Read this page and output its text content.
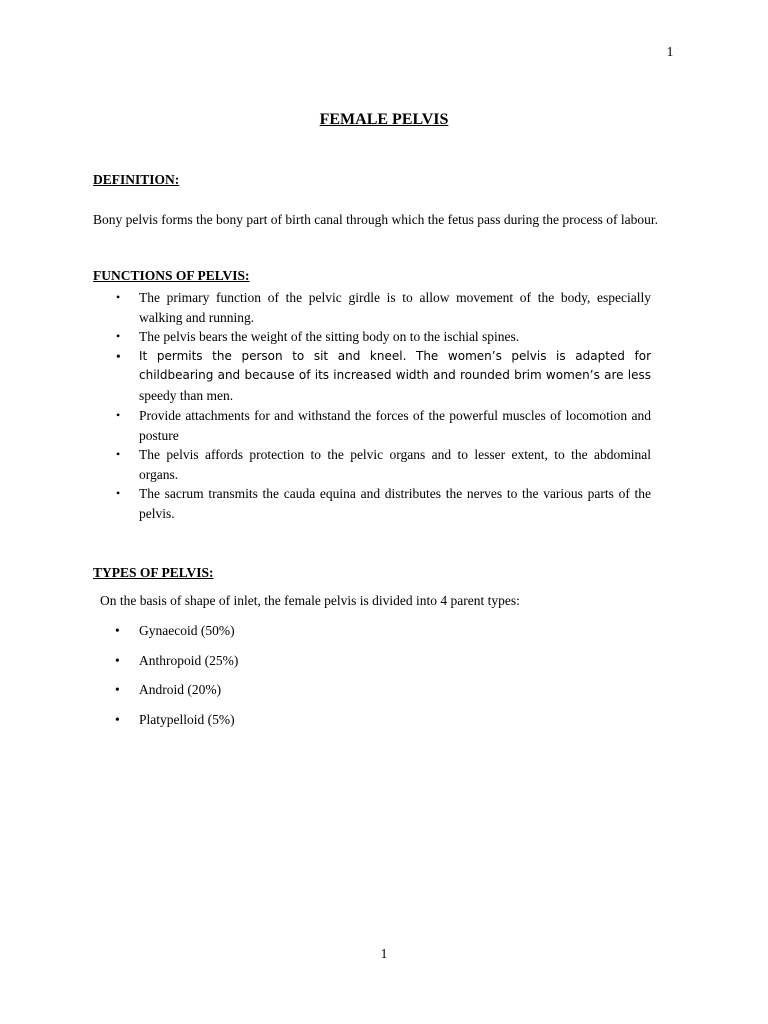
1
FEMALE PELVIS
DEFINITION:
Bony pelvis forms the bony part of birth canal through which the fetus pass during the process of labour.
FUNCTIONS OF PELVIS:
• The primary function of the pelvic girdle is to allow movement of the body, especially walking and running.
• The pelvis bears the weight of the sitting body on to the ischial spines.
• It permits the person to sit and kneel. The women’s pelvis is adapted for childbearing and because of its increased width and rounded brim women’s are less speedy than men.
• Provide attachments for and withstand the forces of the powerful muscles of locomotion and posture
• The pelvis affords protection to the pelvic organs and to lesser extent, to the abdominal organs.
• The sacrum transmits the cauda equina and distributes the nerves to the various parts of the pelvis.
TYPES OF PELVIS:
On the basis of shape of inlet, the female pelvis is divided into 4 parent types:
• Gynaecoid (50%)
• Anthropoid (25%)
• Android (20%)
• Platypelloid (5%)
1
